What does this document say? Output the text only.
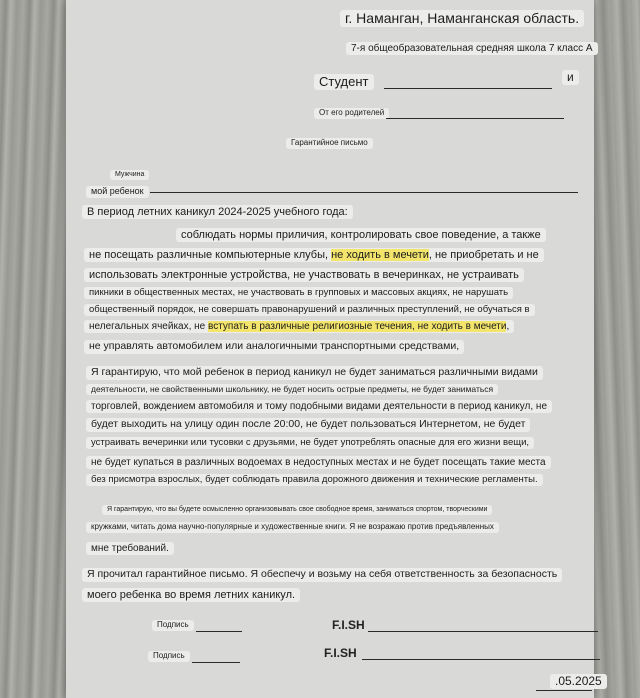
г. Наманган, Наманганская область.
7-я общеобразовательная средняя школа 7 класс A
Студент	и
От его родителей
Гарантийное письмо
Мужчина
мой ребенок
В период летних каникул 2024-2025 учебного года:
соблюдать нормы приличия, контролировать свое поведение, а также
не посещать различные компьютерные клубы, не ходить в мечети, не приобретать и не
использовать электронные устройства, не участвовать в вечеринках, не устраивать
пикники в общественных местах, не участвовать в групповых и массовых акциях, не нарушать
общественный порядок, не совершать правонарушений и различных преступлений, не обучаться в
нелегальных ячейках, не вступать в различные религиозные течения, не ходить в мечети,
не управлять автомобилем или аналогичными транспортными средствами,
Я гарантирую, что мой ребенок в период каникул не будет заниматься различными видами
деятельности, не свойственными школьнику, не будет носить острые предметы, не будет заниматься
торговлей, вождением автомобиля и тому подобными видами деятельности в период каникул, не
будет выходить на улицу один после 20:00, не будет пользоваться Интернетом, не будет
устраивать вечеринки или тусовки с друзьями, не будет употреблять опасные для его жизни вещи,
не будет купаться в различных водоемах в недоступных местах и не будет посещать такие места
без присмотра взрослых, будет соблюдать правила дорожного движения и технические регламенты.
Я гарантирую, что вы будете осмысленно организовывать свое свободное время, заниматься спортом, творческими
кружками, читать дома научно-популярные и художественные книги. Я не возражаю против предъявленных
мне требований.
Я прочитал гарантийное письмо. Я обеспечу и возьму на себя ответственность за безопасность
моего ребенка во время летних каникул.
Подпись	F.I.SH
Подпись	F.I.SH
.05.2025
